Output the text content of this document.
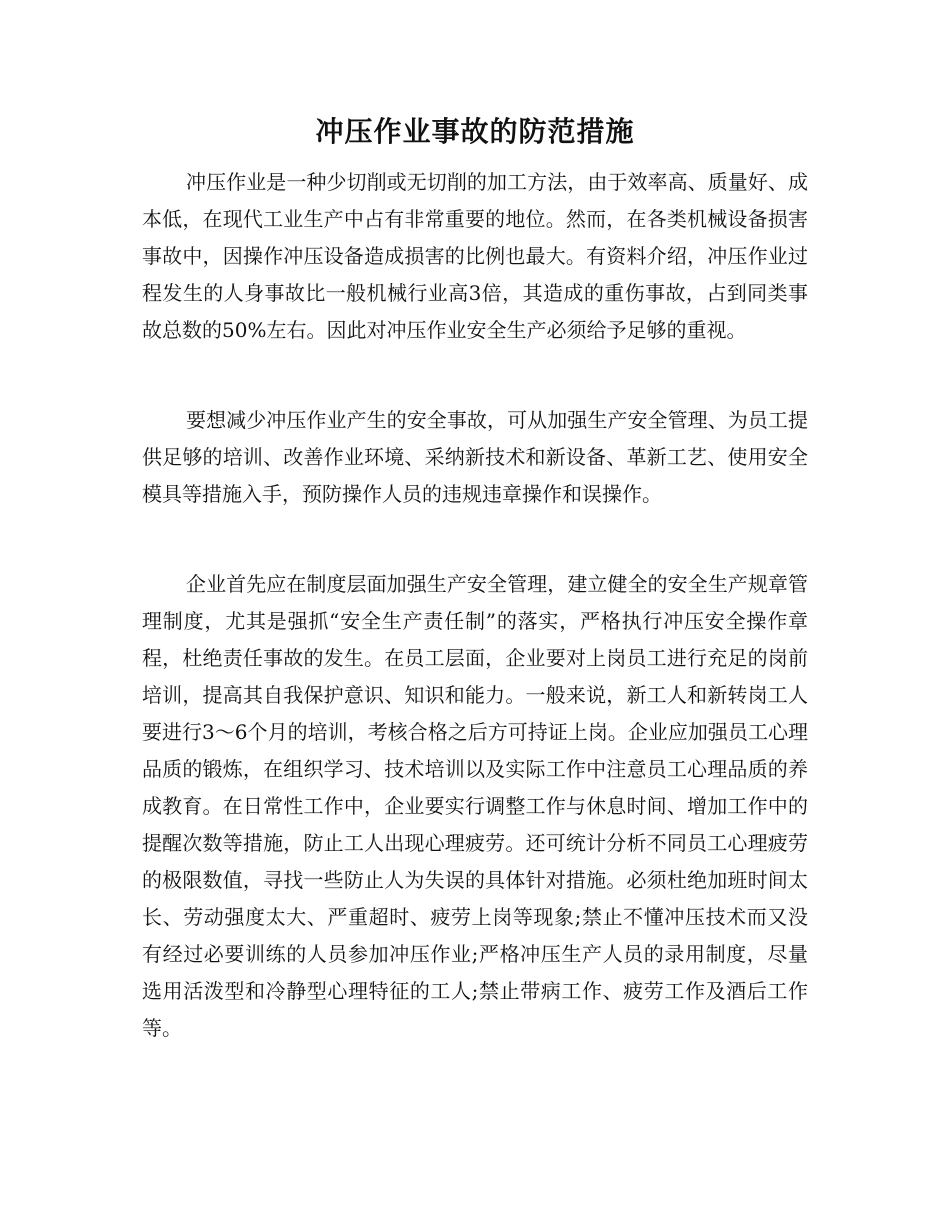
冲压作业事故的防范措施

冲压作业是一种少切削或无切削的加工方法，由于效率高、质量好、成本低，在现代工业生产中占有非常重要的地位。然而，在各类机械设备损害事故中，因操作冲压设备造成损害的比例也最大。有资料介绍，冲压作业过程发生的人身事故比一般机械行业高3倍，其造成的重伤事故，占到同类事故总数的50%左右。因此对冲压作业安全生产必须给予足够的重视。

要想减少冲压作业产生的安全事故，可从加强生产安全管理、为员工提供足够的培训、改善作业环境、采纳新技术和新设备、革新工艺、使用安全模具等措施入手，预防操作人员的违规违章操作和误操作。

企业首先应在制度层面加强生产安全管理，建立健全的安全生产规章管理制度，尤其是强抓“安全生产责任制”的落实，严格执行冲压安全操作章程，杜绝责任事故的发生。在员工层面，企业要对上岗员工进行充足的岗前培训，提高其自我保护意识、知识和能力。一般来说，新工人和新转岗工人要进行3～6个月的培训，考核合格之后方可持证上岗。企业应加强员工心理品质的锻炼，在组织学习、技术培训以及实际工作中注意员工心理品质的养成教育。在日常性工作中，企业要实行调整工作与休息时间、增加工作中的提醒次数等措施，防止工人出现心理疲劳。还可统计分析不同员工心理疲劳的极限数值，寻找一些防止人为失误的具体针对措施。必须杜绝加班时间太长、劳动强度太大、严重超时、疲劳上岗等现象;禁止不懂冲压技术而又没有经过必要训练的人员参加冲压作业;严格冲压生产人员的录用制度，尽量选用活泼型和冷静型心理特征的工人;禁止带病工作、疲劳工作及酒后工作等。
